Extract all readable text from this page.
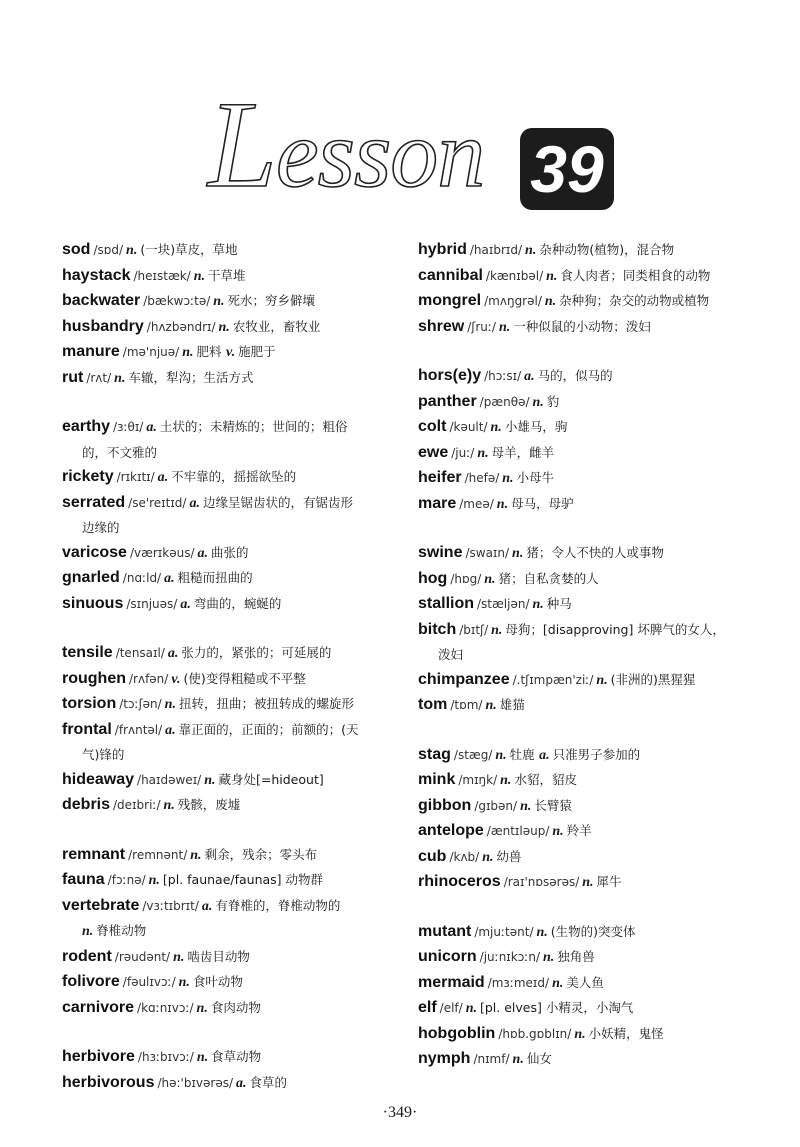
Lesson 39
sod /sɒd/ n. (一块)草皮，草地
haystack /heɪstæk/ n. 干草堆
backwater /bækwɔːtə/ n. 死水；穷乡僻壤
husbandry /hʌzbəndrɪ/ n. 农牧业，畜牧业
manure /mə'njuə/ n. 肥料 v. 施肥于
rut /rʌt/ n. 车辙，犁沟；生活方式
earthy /ɜːθɪ/ a. 土状的；未精炼的；世间的；粗俗
的，不文雅的
rickety /rɪkɪtɪ/ a. 不牢靠的，摇摇欲坠的
serrated /se'reɪtɪd/ a. 边缘呈锯齿状的，有锯齿形
边缘的
varicose /værɪkəus/ a. 曲张的
gnarled /nɑːld/ a. 粗糙而扭曲的
sinuous /sɪnjuəs/ a. 弯曲的，蜿蜒的
tensile /tensaɪl/ a. 张力的，紧张的；可延展的
roughen /rʌfən/ v. (使)变得粗糙或不平整
torsion /tɔːʃən/ n. 扭转，扭曲；被扭转成的螺旋形
frontal /frʌntəl/ a. 靠正面的，正面的；前额的；(天
气)锋的
hideaway /haɪdəweɪ/ n. 藏身处[=hideout]
debris /deɪbriː/ n. 残骸，废墟
remnant /remnənt/ n. 剩余，残余；零头布
fauna /fɔːnə/ n. [pl. faunae/faunas] 动物群
vertebrate /vɜːtɪbrɪt/ a. 有脊椎的，脊椎动物的
n. 脊椎动物
rodent /rəudənt/ n. 啮齿目动物
folivore /fəulɪvɔː/ n. 食叶动物
carnivore /kɑːnɪvɔː/ n. 食肉动物
herbivore /hɜːbɪvɔː/ n. 食草动物
herbivorous /hə:'bɪvərəs/ a. 食草的
hybrid /haɪbrɪd/ n. 杂种动物(植物)，混合物
cannibal /kænɪbəl/ n. 食人肉者；同类相食的动物
mongrel /mʌŋgrəl/ n. 杂种狗；杂交的动物或植物
shrew /ʃruː/ n. 一种似鼠的小动物；泼妇
hors(e)y /hɔːsɪ/ a. 马的，似马的
panther /pænθə/ n. 豹
colt /kəult/ n. 小雄马，驹
ewe /juː/ n. 母羊，雌羊
heifer /hefə/ n. 小母牛
mare /meə/ n. 母马，母驴
swine /swaɪn/ n. 猪；令人不快的人或事物
hog /hɒg/ n. 猪；自私贪婪的人
stallion /stæljən/ n. 种马
bitch /bɪtʃ/ n. 母狗；[disapproving] 坏脾气的女人，
泼妇
chimpanzee /.tʃɪmpæn'ziː/ n. (非洲的)黑猩猩
tom /tɒm/ n. 雄猫
stag /stæg/ n. 牡鹿 a. 只准男子参加的
mink /mɪŋk/ n. 水貂，貂皮
gibbon /gɪbən/ n. 长臂猿
antelope /æntɪləup/ n. 羚羊
cub /kʌb/ n. 幼兽
rhinoceros /raɪ'nɒsərəs/ n. 犀牛
mutant /mjuːtənt/ n. (生物的)突变体
unicorn /juːnɪkɔːn/ n. 独角兽
mermaid /mɜːmeɪd/ n. 美人鱼
elf /elf/ n. [pl. elves] 小精灵，小淘气
hobgoblin /hɒb.gɒblɪn/ n. 小妖精，鬼怪
nymph /nɪmf/ n. 仙女
·349·
